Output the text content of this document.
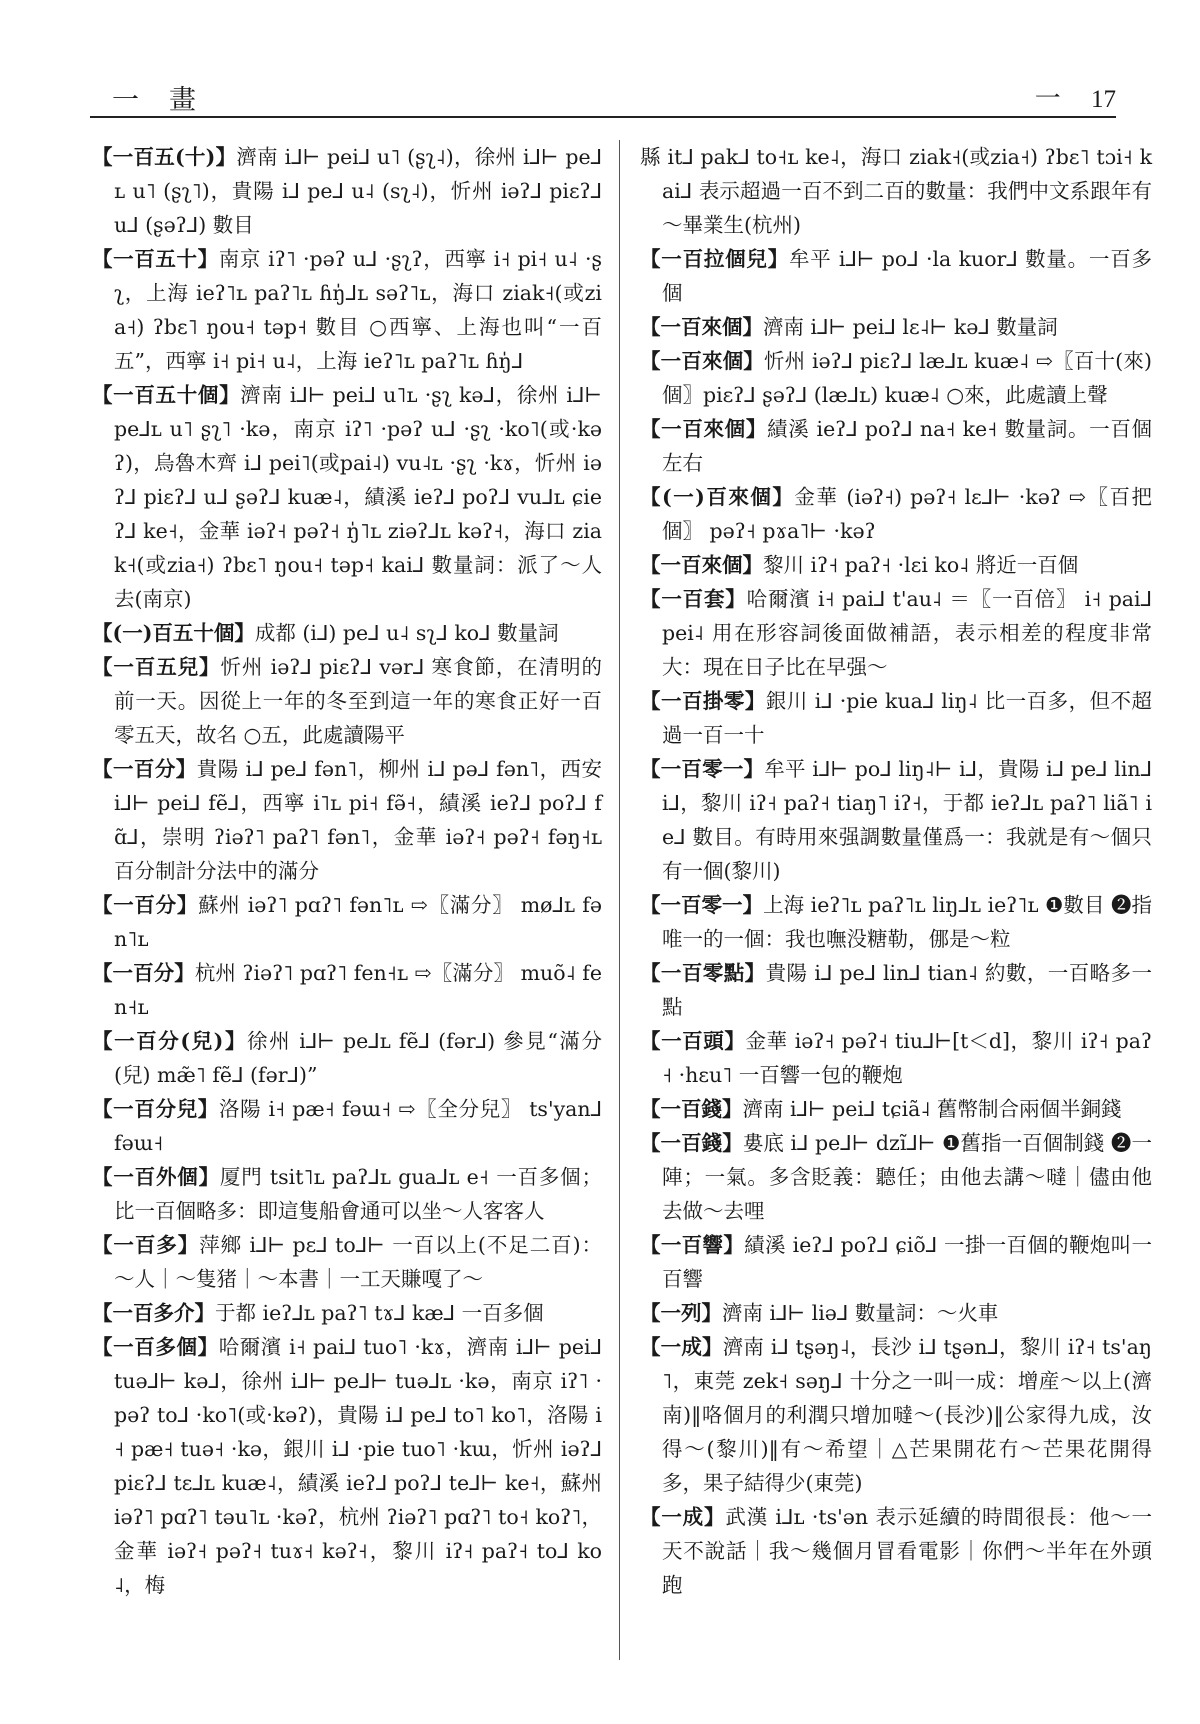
一畫	一 17

【一百五(十)】濟南 i⅃⊢ pei⅃ u˥ (ʂʅ˨)，徐州 i⅃⊢ pe⅃ʟ u˥ (ʂʅ˥)，貴陽 i⅃ pe⅃ u˨ (sʅ˨)，忻州 iəʔ⅃ piɛʔ⅃ u⅃ (ʂəʔ⅃) 數目

【一百五十】南京 iʔ˥ ·pəʔ u⅃ ·ʂʅʔ，西寧 i˧ pi˧ u˨ ·ʂʅ，上海 ieʔ˥ʟ paʔ˥ʟ ɦŋ̍⅃ʟ səʔ˥ʟ，海口 ziak˧(或zia˧) ʔbɛ˥ ŋou˧ təp˧ 數目 ○西寧、上海也叫“一百五”，西寧 i˧ pi˧ u˨，上海 ieʔ˥ʟ paʔ˥ʟ ɦŋ̍⅃

【一百五十個】濟南 i⅃⊢ pei⅃ u˥ʟ ·ʂʅ kə⅃，徐州 i⅃⊢ pe⅃ʟ u˥ ʂʅ˥ ·kə，南京 iʔ˥ ·pəʔ u⅃ ·ʂʅ ·ko˥(或·kəʔ)，烏魯木齊 i⅃ pei˥(或pai˨) vu˨ʟ ·ʂʅ ·kɤ，忻州 iəʔ⅃ piɛʔ⅃ u⅃ ʂəʔ⅃ kuæ˨，績溪 ieʔ⅃ poʔ⅃ vu⅃ʟ ɕieʔ⅃ ke˧，金華 iəʔ˧ pəʔ˧ ŋ̍˥ʟ ziəʔ⅃ʟ kəʔ˧，海口 ziak˧(或zia˧) ʔbɛ˥ ŋou˧ təp˧ kai⅃ 數量詞：派了～人去(南京)

【(一)百五十個】成都 (i⅃) pe⅃ u˨ sʅ⅃ ko⅃ 數量詞

【一百五兒】忻州 iəʔ⅃ piɛʔ⅃ vər⅃ 寒食節，在清明的前一天。因從上一年的冬至到這一年的寒食正好一百零五天，故名 ○五，此處讀陽平

【一百分】貴陽 i⅃ pe⅃ fən˥，柳州 i⅃ pə⅃ fən˥，西安 i⅃⊢ pei⅃ fẽ⅃，西寧 i˥ʟ pi˧ fə̃˧，績溪 ieʔ⅃ poʔ⅃ fɑ̃⅃，崇明 ʔiəʔ˥ paʔ˥ fən˥，金華 iəʔ˧ pəʔ˧ fəŋ˧ʟ 百分制計分法中的滿分

【一百分】蘇州 iəʔ˥ pɑʔ˥ fən˥ʟ ⇨〖滿分〗 mø⅃ʟ fən˥ʟ

【一百分】杭州 ʔiəʔ˥ pɑʔ˥ fen˧ʟ ⇨〖滿分〗 muõ˨ fen˧ʟ

【一百分(兒)】徐州 i⅃⊢ pe⅃ʟ fẽ⅃ (fər⅃) 參見“滿分(兒) mæ̃˥ fẽ⅃ (fər⅃)”

【一百分兒】洛陽 i˧ pæ˧ fəɯ˧ ⇨〖全分兒〗 ts'yan⅃ fəɯ˧

【一百外個】厦門 tsit˥ʟ paʔ⅃ʟ gua⅃ʟ e˧ 一百多個；比一百個略多：即這隻船會通可以坐～人客客人

【一百多】萍鄉 i⅃⊢ pɛ⅃ to⅃⊢ 一百以上(不足二百)：～人｜～隻猪｜～本書｜一工天賺嘎了～

【一百多介】于都 ieʔ⅃ʟ paʔ˥ tɤ⅃ kæ⅃ 一百多個

【一百多個】哈爾濱 i˧ pai⅃ tuo˥ ·kɤ，濟南 i⅃⊢ pei⅃ tuə⅃⊢ kə⅃，徐州 i⅃⊢ pe⅃⊢ tuə⅃ʟ ·kə，南京 iʔ˥ ·pəʔ to⅃ ·ko˥(或·kəʔ)，貴陽 i⅃ pe⅃ to˥ ko˥，洛陽 i˧ pæ˧ tuə˧ ·kə，銀川 i⅃ ·pie tuo˥ ·kɯ，忻州 iəʔ⅃ piɛʔ⅃ tɛ⅃ʟ kuæ˨，績溪 ieʔ⅃ poʔ⅃ te⅃⊢ ke˧，蘇州 iəʔ˥ pɑʔ˥ təu˥ʟ ·kəʔ，杭州 ʔiəʔ˥ pɑʔ˥ to˧ koʔ˥，金華 iəʔ˧ pəʔ˧ tuɤ˧ kəʔ˧，黎川 iʔ˧ paʔ˧ to⅃ ko˨，梅

縣 it⅃ pak⅃ to˧ʟ ke˨，海口 ziak˧(或zia˧) ʔbɛ˥ tɔi˧ kai⅃ 表示超過一百不到二百的數量：我們中文系跟年有～畢業生(杭州)

【一百拉個兒】牟平 i⅃⊢ po⅃ ·la kuor⅃ 數量。一百多個

【一百來個】濟南 i⅃⊢ pei⅃ lɛ˨⊢ kə⅃ 數量詞

【一百來個】忻州 iəʔ⅃ piɛʔ⅃ læ⅃ʟ kuæ˨ ⇨〖百十(來)個〗piɛʔ⅃ ʂəʔ⅃ (læ⅃ʟ) kuæ˨ ○來，此處讀上聲

【一百來個】績溪 ieʔ⅃ poʔ⅃ na˧ ke˧ 數量詞。一百個左右

【(一)百來個】金華 (iəʔ˧) pəʔ˧ lɛ⅃⊢ ·kəʔ ⇨〖百把個〗 pəʔ˧ pɤa˥⊢ ·kəʔ

【一百來個】黎川 iʔ˧ paʔ˧ ·lɛi ko˨ 將近一百個

【一百套】哈爾濱 i˧ pai⅃ t'au˨ ＝〖一百倍〗 i˧ pai⅃ pei˨ 用在形容詞後面做補語，表示相差的程度非常大：現在日子比在早强～

【一百掛零】銀川 i⅃ ·pie kua⅃ liŋ˨ 比一百多，但不超過一百一十

【一百零一】牟平 i⅃⊢ po⅃ liŋ˨⊢ i⅃，貴陽 i⅃ pe⅃ lin⅃ i⅃，黎川 iʔ˧ paʔ˧ tiaŋ˥ iʔ˧，于都 ieʔ⅃ʟ paʔ˥ liã˥ ie⅃ 數目。有時用來强調數量僅爲一：我就是有～個只有一個(黎川)

【一百零一】上海 ieʔ˥ʟ paʔ˥ʟ liŋ⅃ʟ ieʔ˥ʟ ❶數目 ❷指唯一的一個：我也嘸没糖勒，㑚是～粒

【一百零點】貴陽 i⅃ pe⅃ lin⅃ tian˨ 約數，一百略多一點

【一百頭】金華 iəʔ˧ pəʔ˧ tiu⅃⊢[t＜d]，黎川 iʔ˧ paʔ˧ ·hɛu˥ 一百響一包的鞭炮

【一百錢】濟南 i⅃⊢ pei⅃ tɕiã˨ 舊幣制合兩個半銅錢

【一百錢】婁底 i⅃ pe⅃⊢ dzĩ⅃⊢ ❶舊指一百個制錢 ❷一陣；一氣。多含貶義：聽任；由他去講～噠｜儘由他去做～去哩

【一百響】績溪 ieʔ⅃ poʔ⅃ ɕiõ⅃ 一掛一百個的鞭炮叫一百響

【一列】濟南 i⅃⊢ liə⅃ 數量詞：～火車

【一成】濟南 i⅃ tʂəŋ˨，長沙 i⅃ tʂən⅃，黎川 iʔ˧ ts'aŋ˥，東莞 zek˧ səŋ⅃ 十分之一叫一成：增産～以上(濟南)‖咯個月的利潤只增加噠～(長沙)‖公家得九成，汝得～(黎川)‖有～希望｜△芒果開花冇～芒果花開得多，果子結得少(東莞)

【一成】武漢 i⅃ʟ ·ts'ən 表示延續的時間很長：他～一天不說話｜我～幾個月冒看電影｜你們～半年在外頭跑
